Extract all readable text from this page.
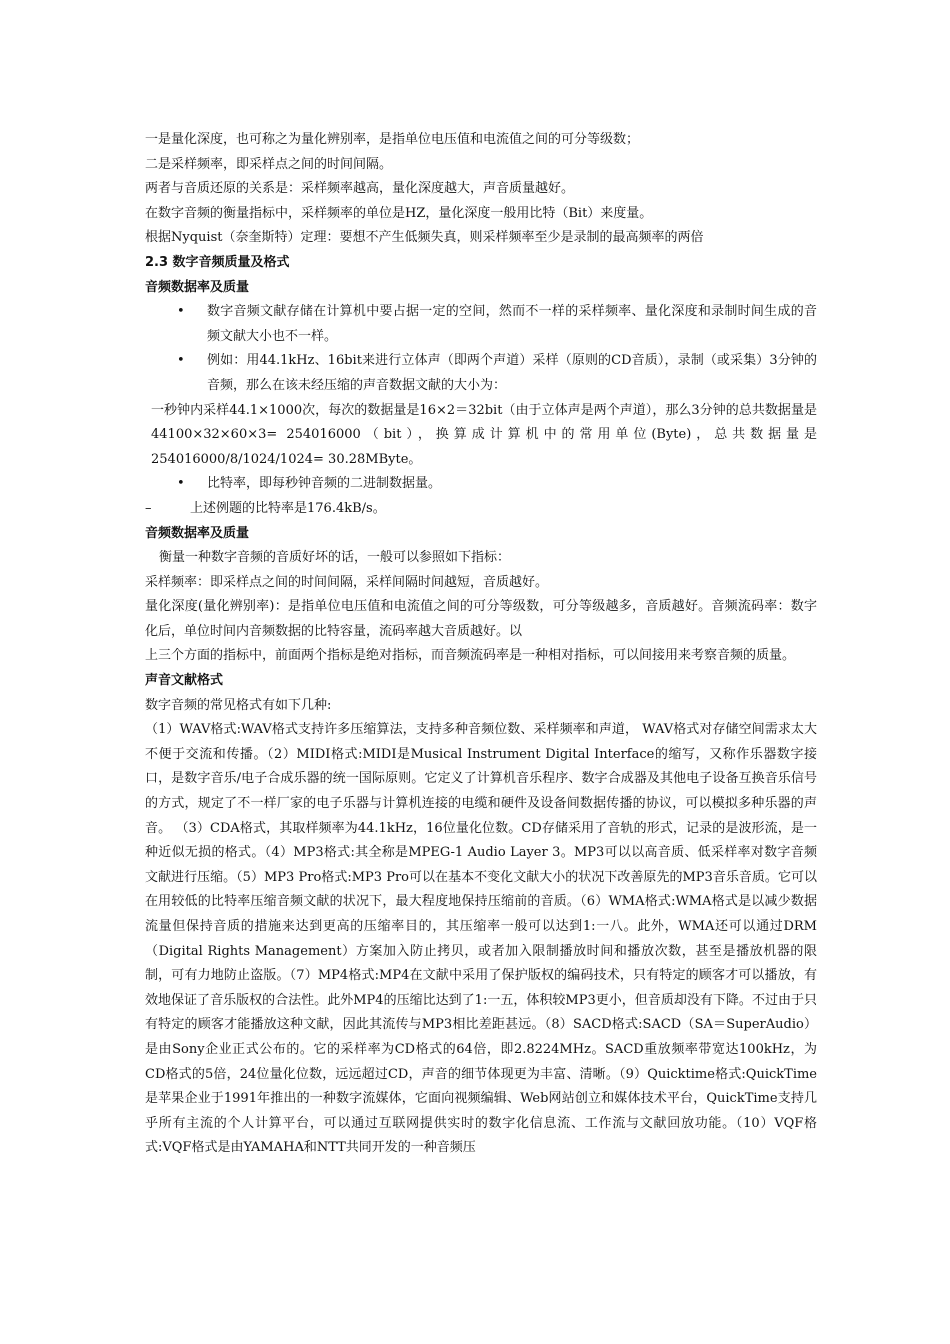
一是量化深度，也可称之为量化辨别率，是指单位电压值和电流值之间的可分等级数；
二是采样频率，即采样点之间的时间间隔。
两者与音质还原的关系是：采样频率越高，量化深度越大，声音质量越好。
在数字音频的衡量指标中，采样频率的单位是HZ，量化深度一般用比特（Bit）来度量。
根据Nyquist（奈奎斯特）定理：要想不产生低频失真，则采样频率至少是录制的最高频率的两倍
2.3 数字音频质量及格式
音频数据率及质量
•	数字音频文献存储在计算机中要占据一定的空间，然而不一样的采样频率、量化深度和录制时间生成的音频文献大小也不一样。
•	例如：用44.1kHz、16bit来进行立体声（即两个声道）采样（原则的CD音质），录制（或采集）3分钟的音频，那么在该未经压缩的声音数据文献的大小为：
一秒钟内采样44.1×1000次，每次的数据量是16×2＝32bit（由于立体声是两个声道），那么3分钟的总共数据量是44100×32×60×3= 254016000（bit），换算成计算机中的常用单位(Byte)，总共数据量是254016000/8/1024/1024= 30.28MByte。
•	比特率，即每秒钟音频的二进制数据量。
–	上述例题的比特率是176.4kB/s。
音频数据率及质量
衡量一种数字音频的音质好坏的话，一般可以参照如下指标：
采样频率：即采样点之间的时间间隔，采样间隔时间越短，音质越好。
量化深度(量化辨别率)：是指单位电压值和电流值之间的可分等级数，可分等级越多，音质越好。音频流码率：数字化后，单位时间内音频数据的比特容量，流码率越大音质越好。以
上三个方面的指标中，前面两个指标是绝对指标，而音频流码率是一种相对指标，可以间接用来考察音频的质量。
声音文献格式
数字音频的常见格式有如下几种:
（1）WAV格式:WAV格式支持许多压缩算法，支持多种音频位数、采样频率和声道， WAV格式对存储空间需求太大不便于交流和传播。（2）MIDI格式:MIDI是Musical Instrument Digital Interface的缩写，又称作乐器数字接口，是数字音乐/电子合成乐器的统一国际原则。它定义了计算机音乐程序、数字合成器及其他电子设备互换音乐信号的方式，规定了不一样厂家的电子乐器与计算机连接的电缆和硬件及设备间数据传播的协议，可以模拟多种乐器的声音。 （3）CDA格式，其取样频率为44.1kHz，16位量化位数。CD存储采用了音轨的形式，记录的是波形流，是一种近似无损的格式。（4）MP3格式:其全称是MPEG-1 Audio Layer 3。MP3可以以高音质、低采样率对数字音频文献进行压缩。（5）MP3 Pro格式:MP3 Pro可以在基本不变化文献大小的状况下改善原先的MP3音乐音质。它可以在用较低的比特率压缩音频文献的状况下，最大程度地保持压缩前的音质。（6）WMA格式:WMA格式是以减少数据流量但保持音质的措施来达到更高的压缩率目的，其压缩率一般可以达到1:一八。此外，WMA还可以通过DRM（Digital Rights Management）方案加入防止拷贝，或者加入限制播放时间和播放次数，甚至是播放机器的限制，可有力地防止盗版。（7）MP4格式:MP4在文献中采用了保护版权的编码技术，只有特定的顾客才可以播放，有效地保证了音乐版权的合法性。此外MP4的压缩比达到了1:一五，体积较MP3更小，但音质却没有下降。不过由于只有特定的顾客才能播放这种文献，因此其流传与MP3相比差距甚远。（8）SACD格式:SACD（SA＝SuperAudio）是由Sony企业正式公布的。它的采样率为CD格式的64倍，即2.8224MHz。SACD重放频率带宽达100kHz，为CD格式的5倍，24位量化位数，远远超过CD，声音的细节体现更为丰富、清晰。（9）Quicktime格式:QuickTime是苹果企业于1991年推出的一种数字流媒体，它面向视频编辑、Web网站创立和媒体技术平台，QuickTime支持几乎所有主流的个人计算平台，可以通过互联网提供实时的数字化信息流、工作流与文献回放功能。（10）VQF格式:VQF格式是由YAMAHA和NTT共同开发的一种音频压
